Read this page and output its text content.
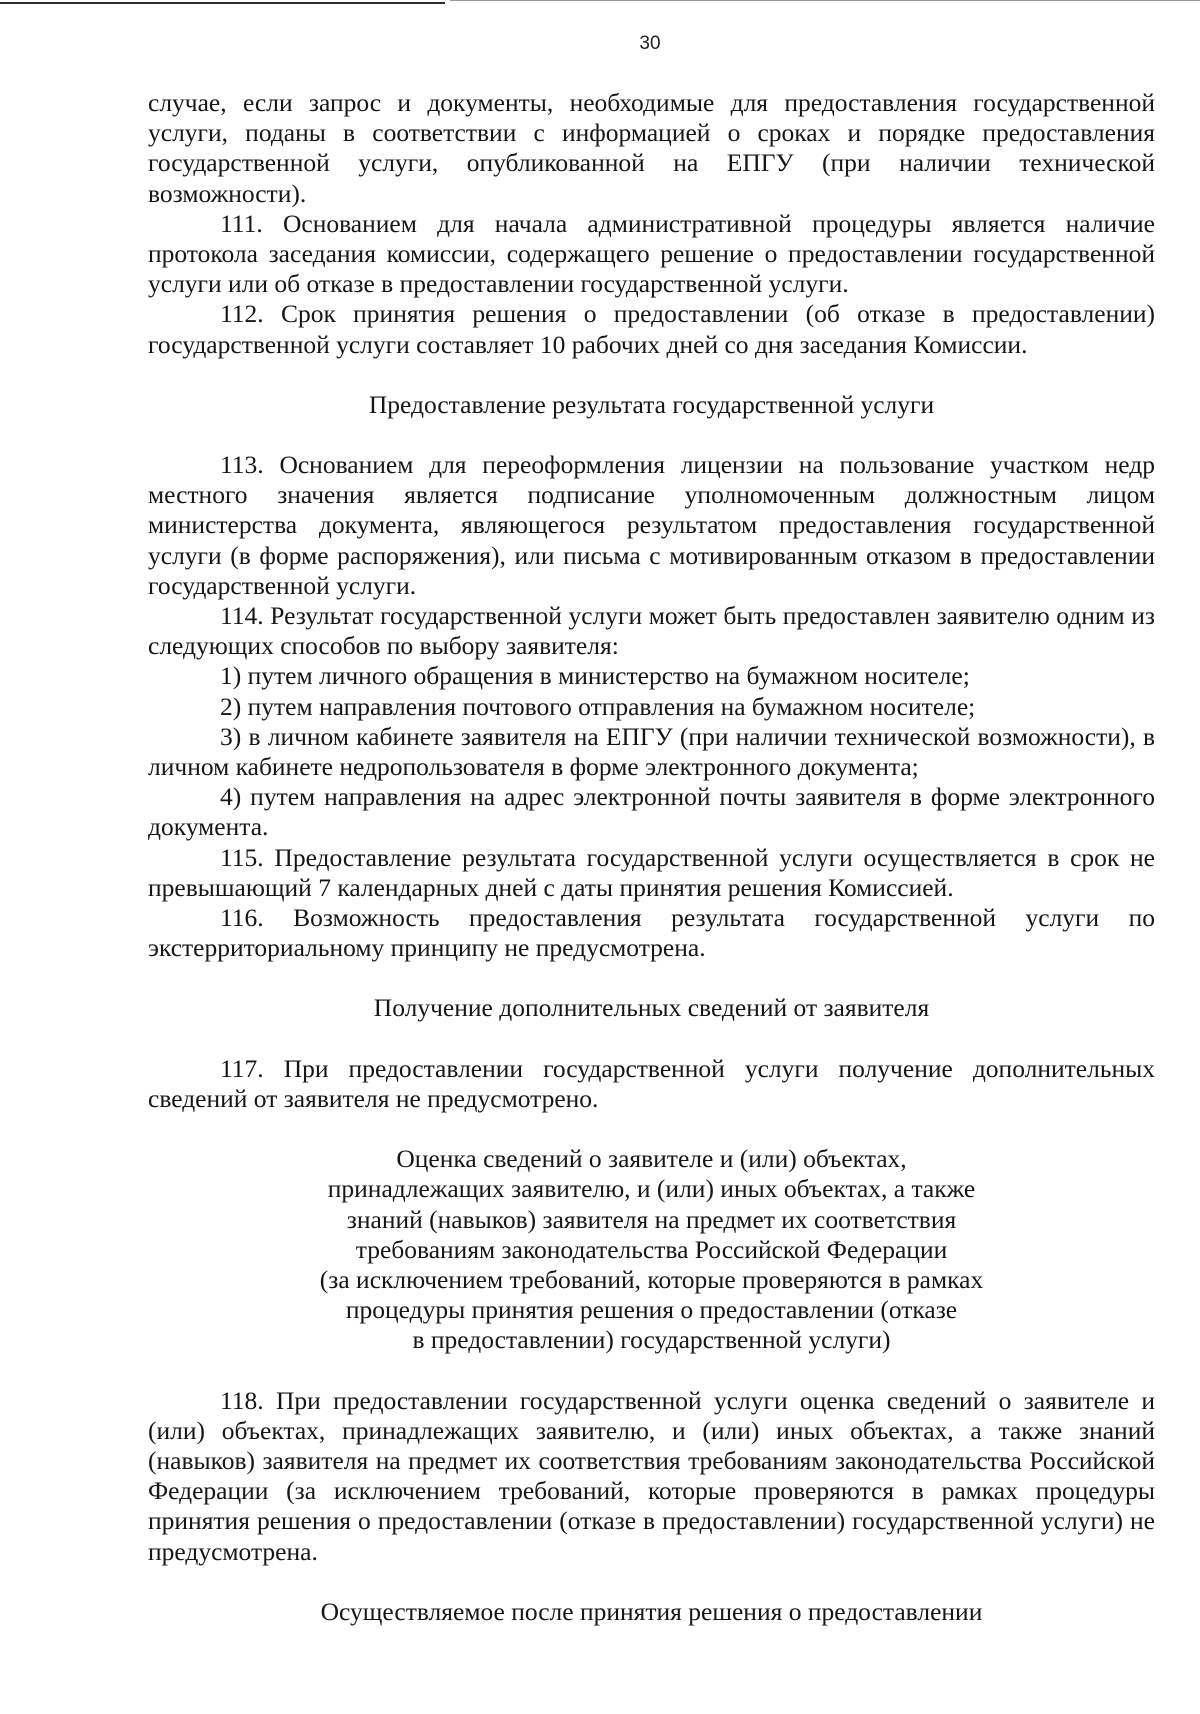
30

случае, если запрос и документы, необходимые для предоставления государственной услуги, поданы в соответствии с информацией о сроках и порядке предоставления государственной услуги, опубликованной на ЕПГУ (при наличии технической возможности).

111. Основанием для начала административной процедуры является наличие протокола заседания комиссии, содержащего решение о предоставлении государственной услуги или об отказе в предоставлении государственной услуги.

112. Срок принятия решения о предоставлении (об отказе в предоставлении) государственной услуги составляет 10 рабочих дней со дня заседания Комиссии.

Предоставление результата государственной услуги

113. Основанием для переоформления лицензии на пользование участком недр местного значения является подписание уполномоченным должностным лицом министерства документа, являющегося результатом предоставления государственной услуги (в форме распоряжения), или письма с мотивированным отказом в предоставлении государственной услуги.

114. Результат государственной услуги может быть предоставлен заявителю одним из следующих способов по выбору заявителя:

1) путем личного обращения в министерство на бумажном носителе;

2) путем направления почтового отправления на бумажном носителе;

3) в личном кабинете заявителя на ЕПГУ (при наличии технической возможности), в личном кабинете недропользователя в форме электронного документа;

4) путем направления на адрес электронной почты заявителя в форме электронного документа.

115. Предоставление результата государственной услуги осуществляется в срок не превышающий 7 календарных дней с даты принятия решения Комиссией.

116. Возможность предоставления результата государственной услуги по экстерриториальному принципу не предусмотрена.

Получение дополнительных сведений от заявителя

117. При предоставлении государственной услуги получение дополнительных сведений от заявителя не предусмотрено.

Оценка сведений о заявителе и (или) объектах,
принадлежащих заявителю, и (или) иных объектах, а также
знаний (навыков) заявителя на предмет их соответствия
требованиям законодательства Российской Федерации
(за исключением требований, которые проверяются в рамках
процедуры принятия решения о предоставлении (отказе
в предоставлении) государственной услуги)

118. При предоставлении государственной услуги оценка сведений о заявителе и (или) объектах, принадлежащих заявителю, и (или) иных объектах, а также знаний (навыков) заявителя на предмет их соответствия требованиям законодательства Российской Федерации (за исключением требований, которые проверяются в рамках процедуры принятия решения о предоставлении (отказе в предоставлении) государственной услуги) не предусмотрена.

Осуществляемое после принятия решения о предоставлении
